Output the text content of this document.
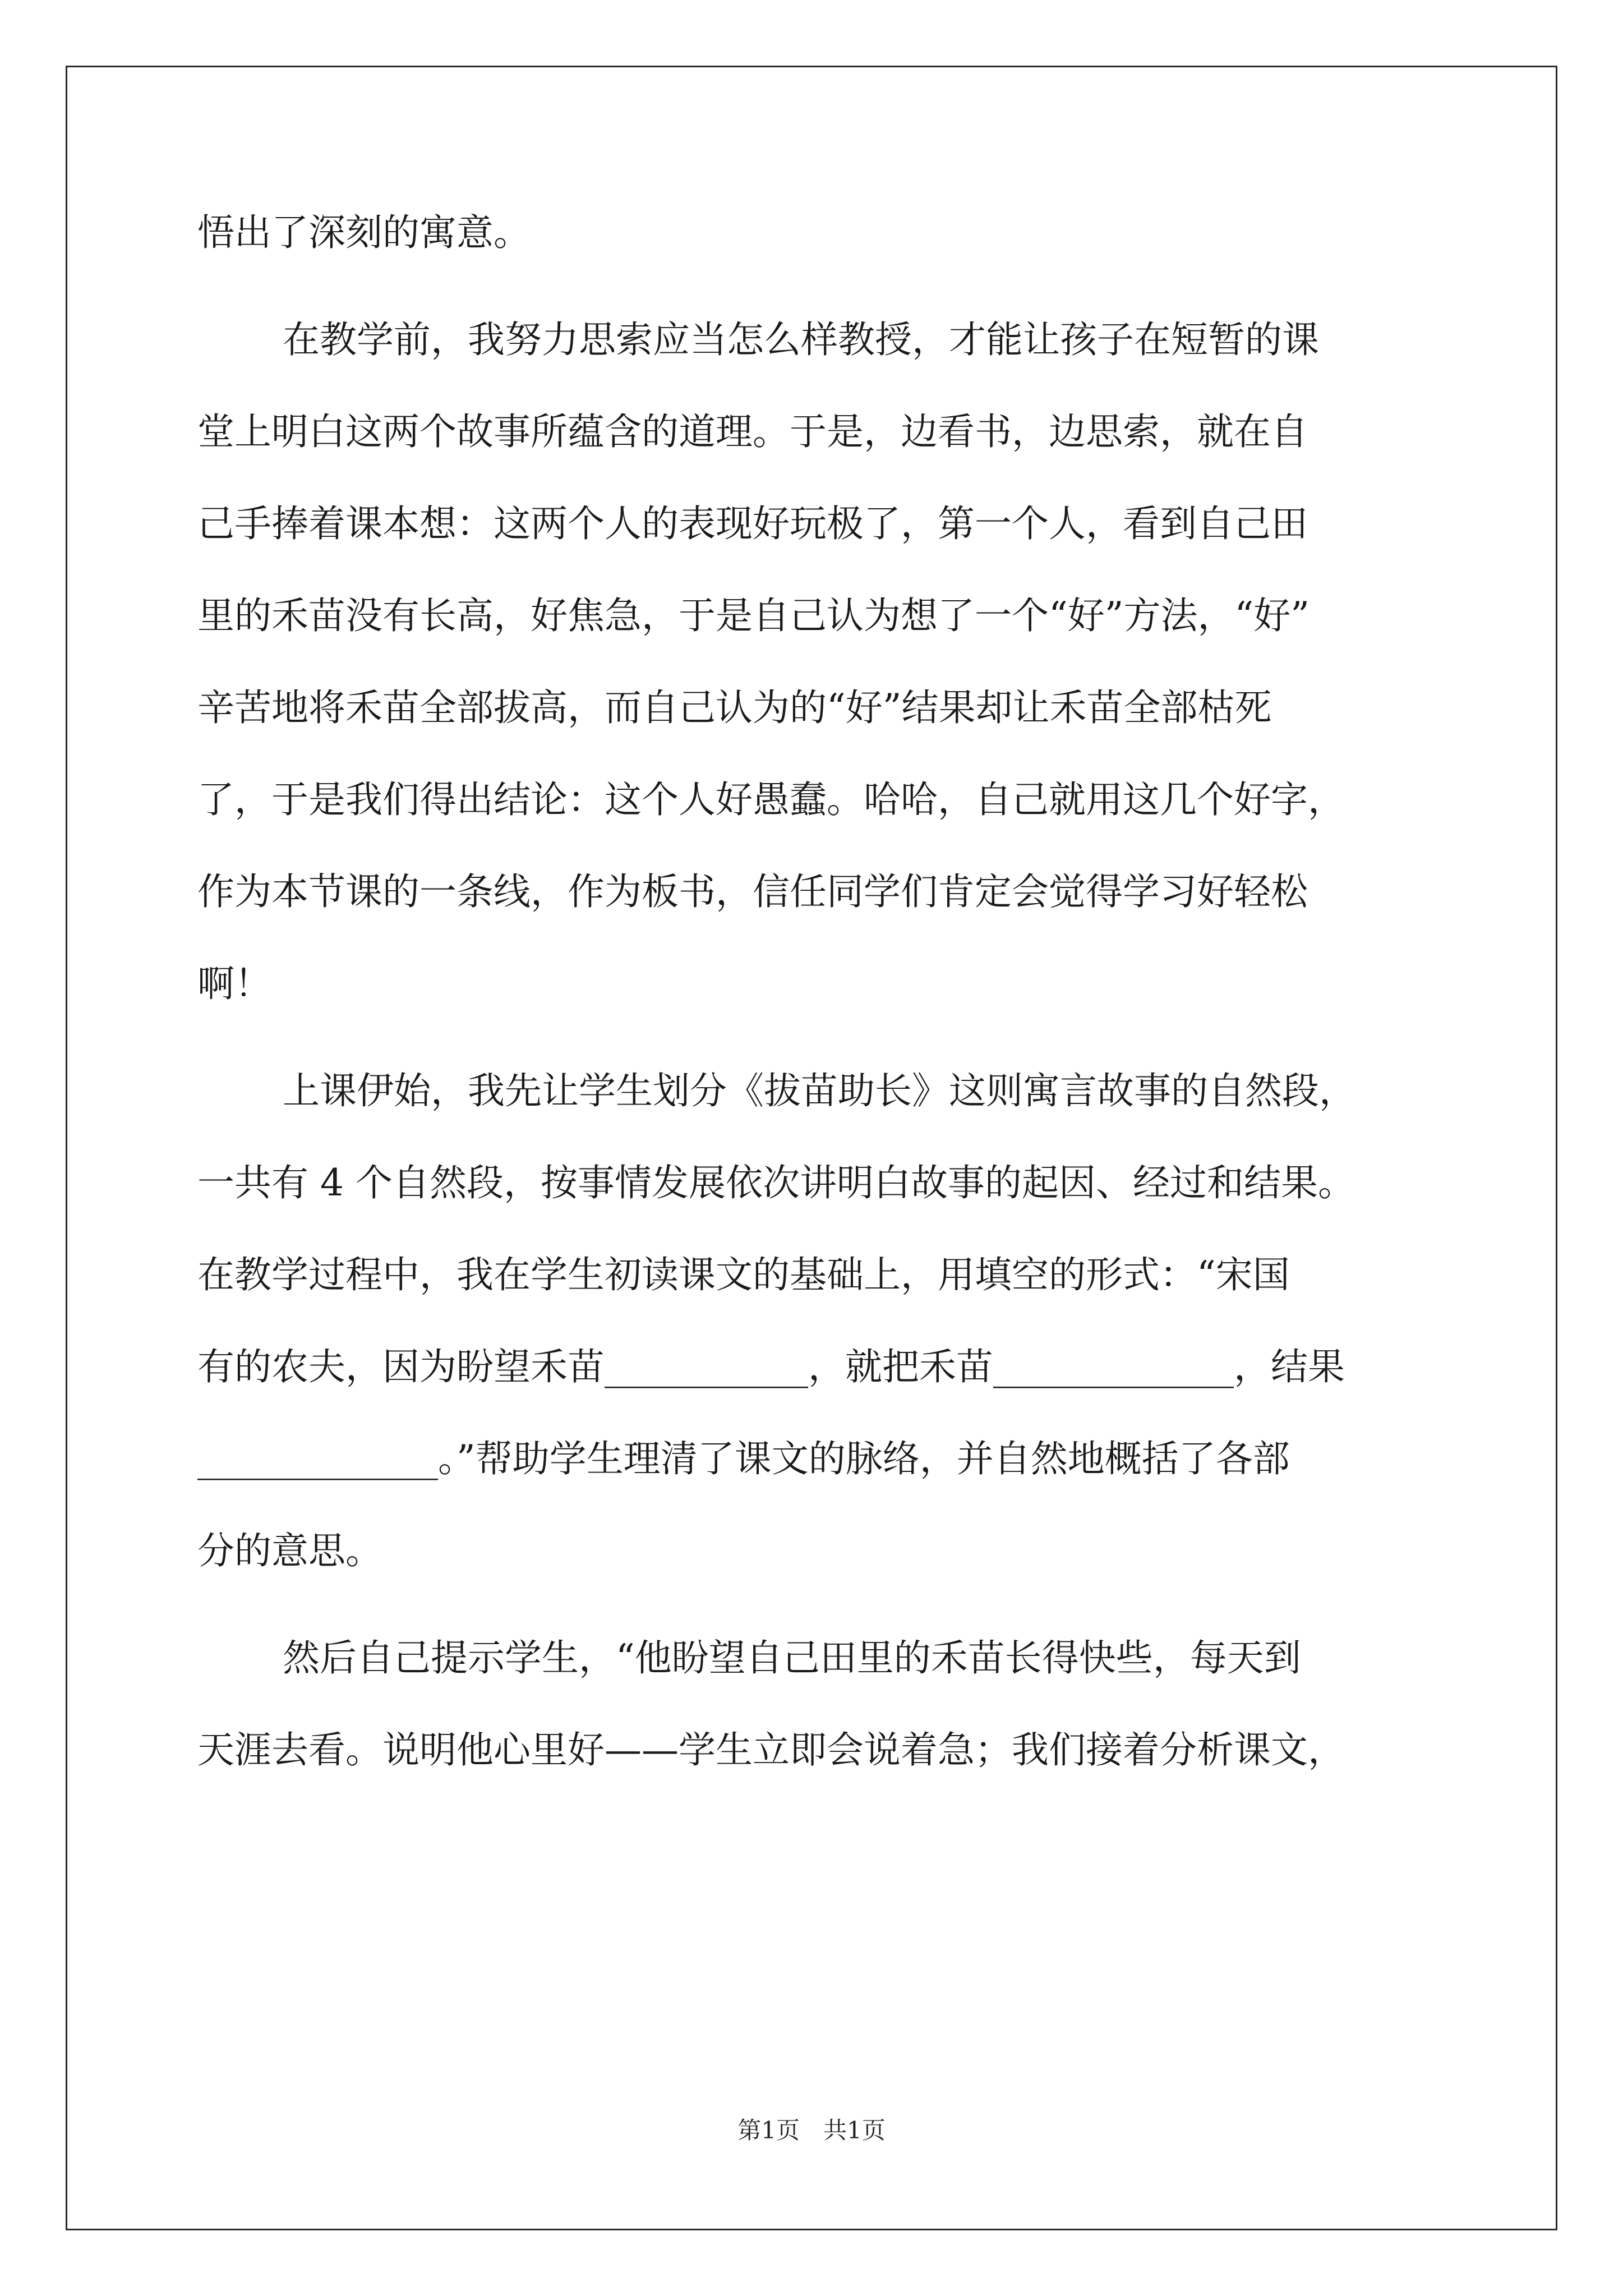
悟出了深刻的寓意。
在教学前，我努力思索应当怎么样教授，才能让孩子在短暂的课
堂上明白这两个故事所蕴含的道理。于是，边看书，边思索，就在自
己手捧着课本想：这两个人的表现好玩极了，第一个人，看到自己田
里的禾苗没有长高，好焦急，于是自己认为想了一个“好”方法，“好”
辛苦地将禾苗全部拔高，而自己认为的“好”结果却让禾苗全部枯死
了，于是我们得出结论：这个人好愚蠢。哈哈，自己就用这几个好字，
作为本节课的一条线，作为板书，信任同学们肯定会觉得学习好轻松
啊！
上课伊始，我先让学生划分《拔苗助长》这则寓言故事的自然段，
一共有 4 个自然段，按事情发展依次讲明白故事的起因、经过和结果。
在教学过程中，我在学生初读课文的基础上，用填空的形式：“宋国
有的农夫，因为盼望禾苗___________，就把禾苗_____________，结果
_____________。”帮助学生理清了课文的脉络，并自然地概括了各部
分的意思。
然后自己提示学生，“他盼望自己田里的禾苗长得快些，每天到
天涯去看。说明他心里好——学生立即会说着急；我们接着分析课文，
第1页　共1页
